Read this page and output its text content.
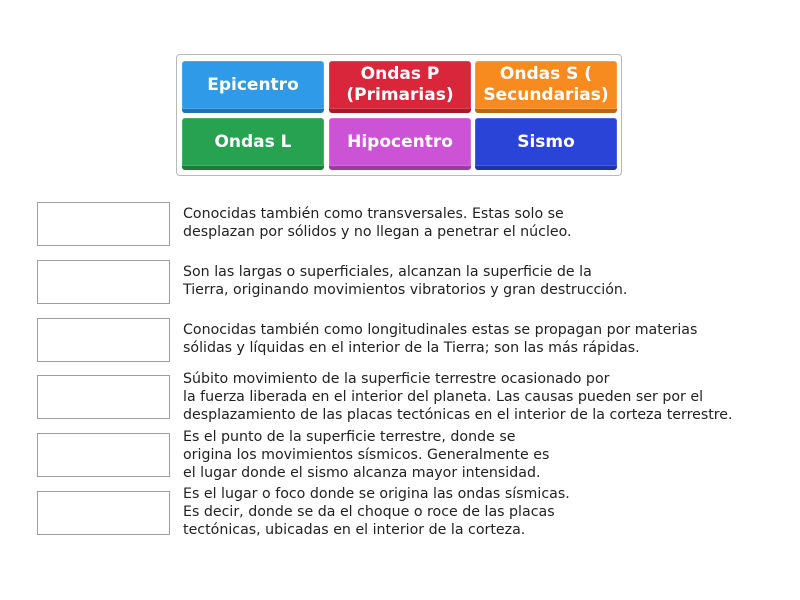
Epicentro
Ondas P
(Primarias)
Ondas S (
Secundarias)
Ondas L	Hipocentro	Sismo
Conocidas también como transversales. Estas solo se
desplazan por sólidos y no llegan a penetrar el núcleo.
Son las largas o superficiales, alcanzan la superficie de la
Tierra, originando movimientos vibratorios y gran destrucción.
Conocidas también como longitudinales estas se propagan por materias
sólidas y líquidas en el interior de la Tierra; son las más rápidas.
Súbito movimiento de la superficie terrestre ocasionado por
la fuerza liberada en el interior del planeta. Las causas pueden ser por el
desplazamiento de las placas tectónicas en el interior de la corteza terrestre.
Es el punto de la superficie terrestre, donde se
origina los movimientos sísmicos. Generalmente es
el lugar donde el sismo alcanza mayor intensidad.
Es el lugar o foco donde se origina las ondas sísmicas.
Es decir, donde se da el choque o roce de las placas
tectónicas, ubicadas en el interior de la corteza.
